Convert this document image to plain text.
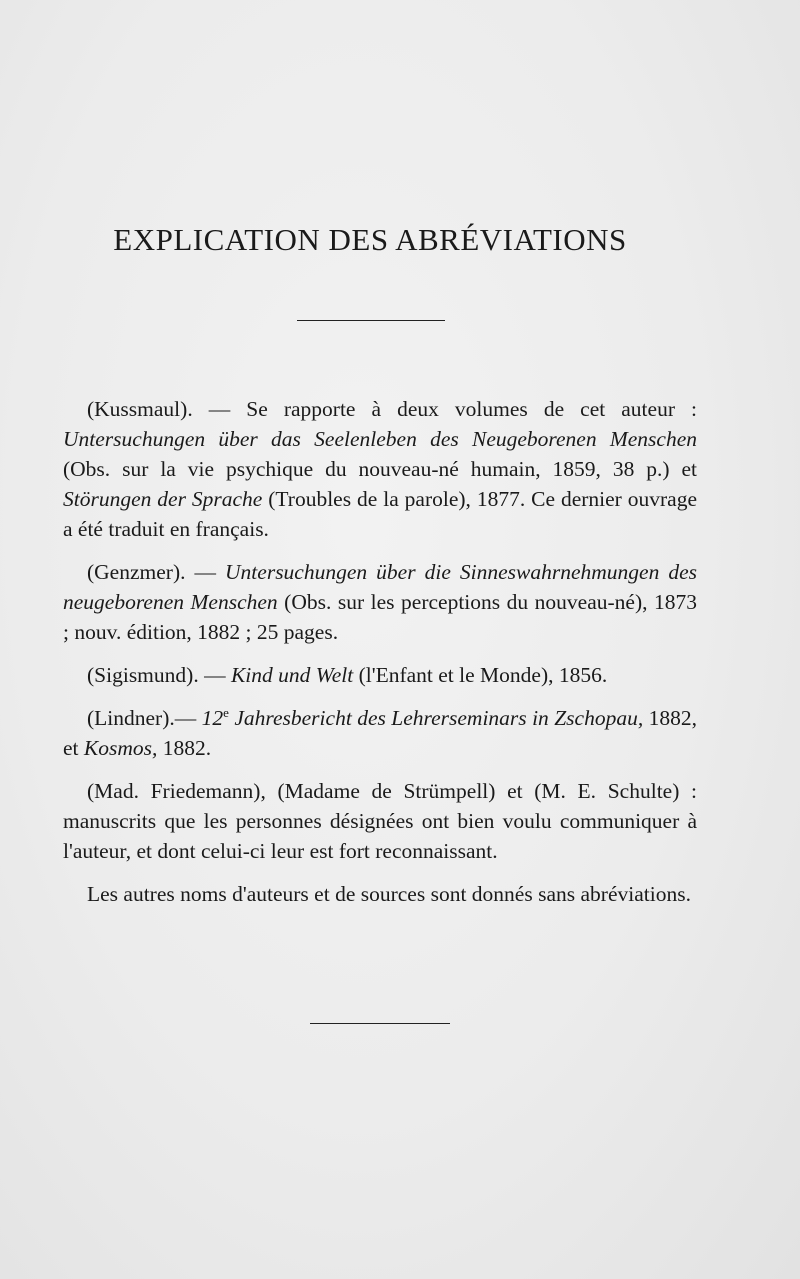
EXPLICATION DES ABRÉVIATIONS

(Kussmaul). — Se rapporte à deux volumes de cet auteur : Untersuchungen über das Seelenleben des Neugeborenen Menschen (Obs. sur la vie psychique du nouveau-né humain, 1859, 38 p.) et Störungen der Sprache (Troubles de la parole), 1877. Ce dernier ouvrage a été traduit en français.

(Genzmer). — Untersuchungen über die Sinneswahrnehmungen des neugeborenen Menschen (Obs. sur les perceptions du nouveau-né), 1873 ; nouv. édition, 1882 ; 25 pages.

(Sigismund). — Kind und Welt (l'Enfant et le Monde), 1856.

(Lindner).— 12e Jahresbericht des Lehrerseminars in Zschopau, 1882, et Kosmos, 1882.

(Mad. Friedemann), (Madame de Strümpell) et (M. E. Schulte) : manuscrits que les personnes désignées ont bien voulu communiquer à l'auteur, et dont celui-ci leur est fort reconnaissant.

Les autres noms d'auteurs et de sources sont donnés sans abréviations.
